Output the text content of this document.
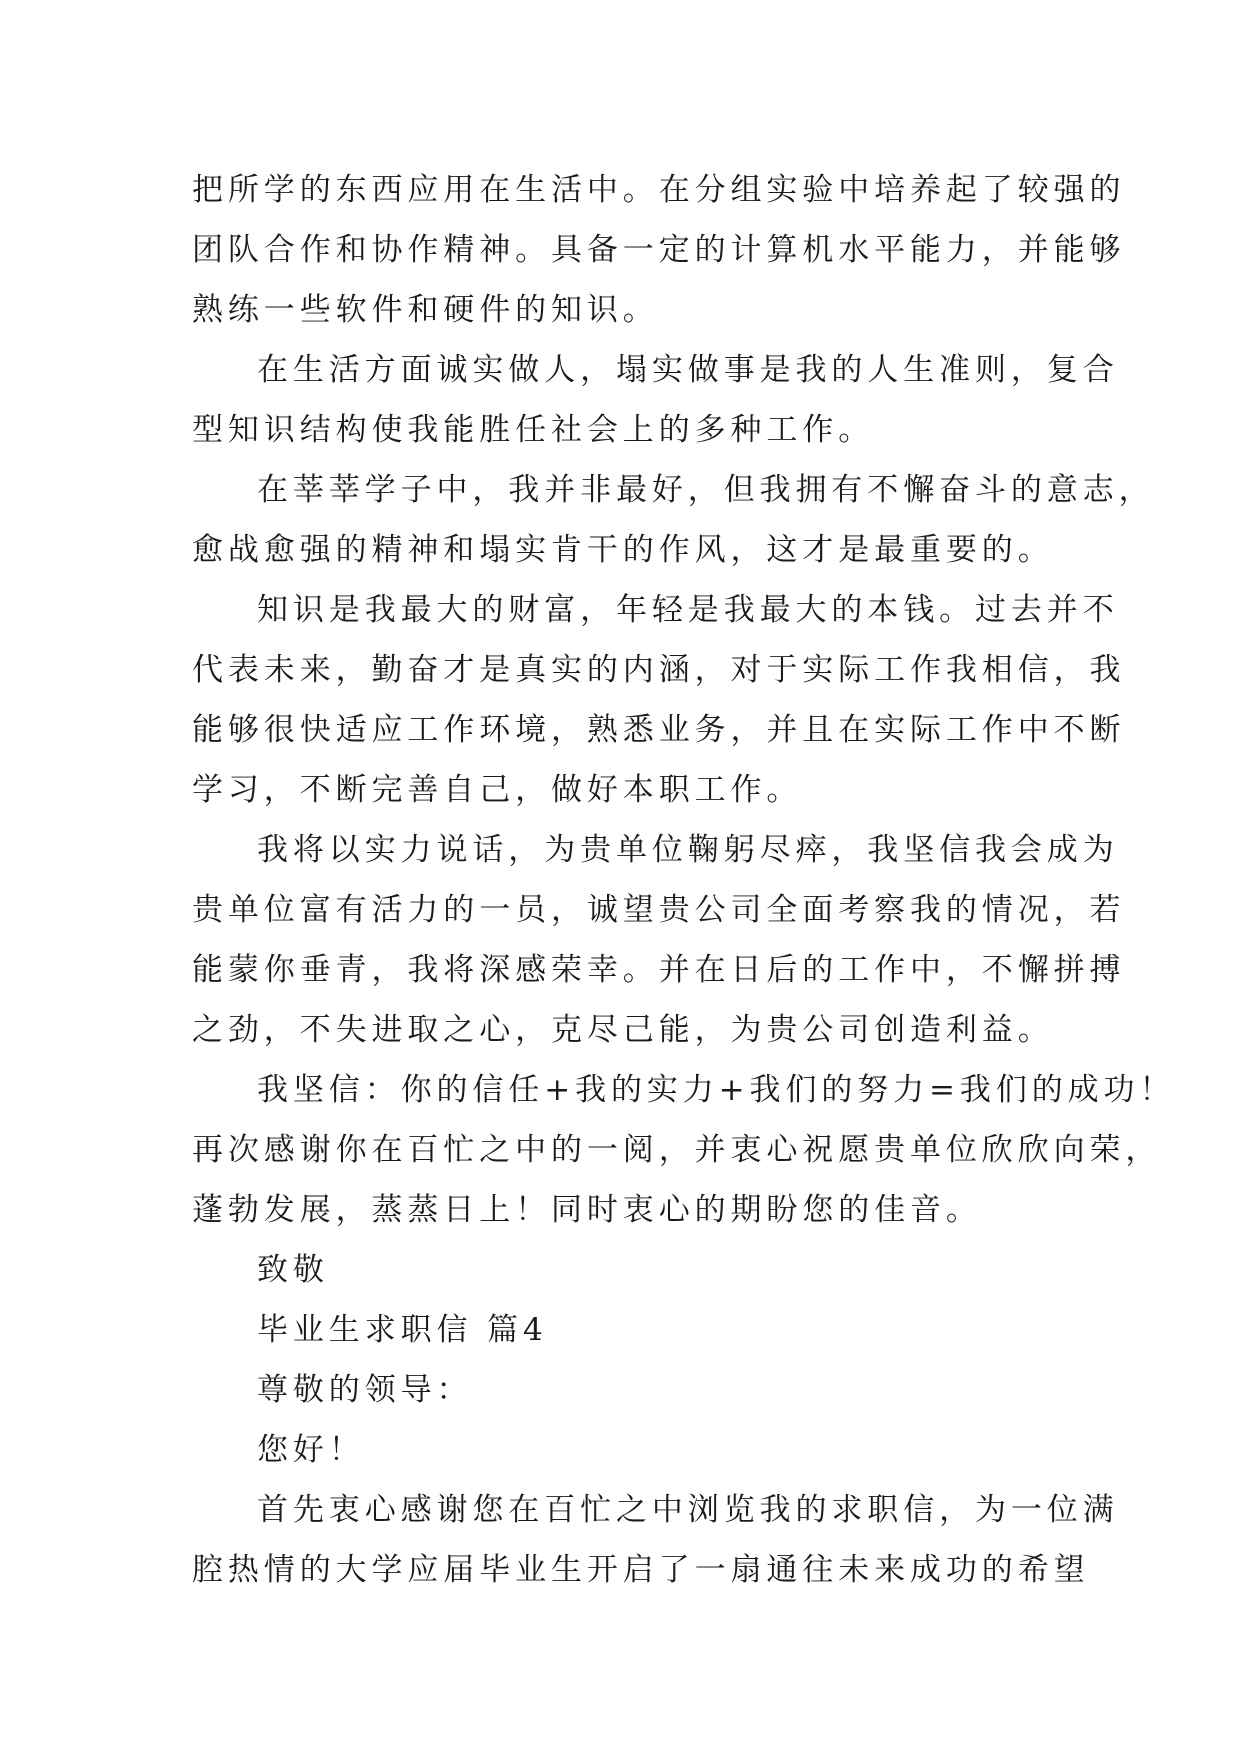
把所学的东西应用在生活中。在分组实验中培养起了较强的
团队合作和协作精神。具备一定的计算机水平能力，并能够
熟练一些软件和硬件的知识。
在生活方面诚实做人，塌实做事是我的人生准则，复合
型知识结构使我能胜任社会上的多种工作。
在莘莘学子中，我并非最好，但我拥有不懈奋斗的意志，
愈战愈强的精神和塌实肯干的作风，这才是最重要的。
知识是我最大的财富，年轻是我最大的本钱。过去并不
代表未来，勤奋才是真实的内涵，对于实际工作我相信，我
能够很快适应工作环境，熟悉业务，并且在实际工作中不断
学习，不断完善自己，做好本职工作。
我将以实力说话，为贵单位鞠躬尽瘁，我坚信我会成为
贵单位富有活力的一员，诚望贵公司全面考察我的情况，若
能蒙你垂青，我将深感荣幸。并在日后的工作中，不懈拼搏
之劲，不失进取之心，克尽己能，为贵公司创造利益。
我坚信：你的信任+我的实力+我们的努力=我们的成功！
再次感谢你在百忙之中的一阅，并衷心祝愿贵单位欣欣向荣，
蓬勃发展，蒸蒸日上！同时衷心的期盼您的佳音。
致敬
毕业生求职信 篇4
尊敬的领导：
您好！
首先衷心感谢您在百忙之中浏览我的求职信，为一位满
腔热情的大学应届毕业生开启了一扇通往未来成功的希望
